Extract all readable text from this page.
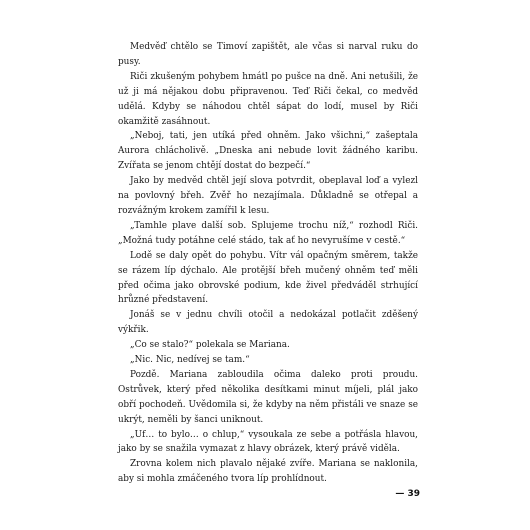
Medvěď chtělo se Timoví zapištět, ale včas si narval ruku do pusy.

Riči zkušeným pohybem hmátl po pušce na dně. Ani netušili, že už ji má nějakou dobu připravenou. Teď Riči čekal, co medvěd udělá. Kdyby se náhodou chtěl sápat do lodí, musel by Riči okamžitě zasáhnout.

„Neboj, tati, jen utíká před ohněm. Jako všichni,“ zašeptala Aurora chlácholivě. „Dneska ani nebude lovit žádného karibu. Zvířata se jenom chtějí dostat do bezpečí.“

Jako by medvěd chtěl její slova potvrdit, obeplaval loď a vylezl na povlovný břeh. Zvěř ho nezajímala. Důkladně se otřepal a rozvážným krokem zamířil k lesu.

„Tamhle plave další sob. Splujeme trochu níž,“ rozhodl Riči. „Možná tudy potáhne celé stádo, tak ať ho nevyrušíme v cestě.“

Lodě se daly opět do pohybu. Vítr vál opačným směrem, takže se rázem líp dýchalo. Ale protější břeh mučený ohněm teď měli před očima jako obrovské podium, kde živel předváděl strhující hrůzné představení.

Jonáš se v jednu chvíli otočil a nedokázal potlačit zděšený výkřik.

„Co se stalo?“ polekala se Mariana.

„Nic. Nic, nedívej se tam.“

Pozdě. Mariana zabloudila očima daleko proti proudu. Ostrůvek, který před několika desítkami minut míjeli, plál jako obří pochodeň. Uvědomila si, že kdyby na něm přistáli ve snaze se ukrýt, neměli by šanci uniknout.

„Uf… to bylo… o chlup,“ vysoukala ze sebe a potřásla hlavou, jako by se snažila vymazat z hlavy obrázek, který právě viděla.

Zrovna kolem nich plavalo nějaké zvíře. Mariana se naklonila, aby si mohla zmáčeného tvora líp prohlídnout.

— 39
